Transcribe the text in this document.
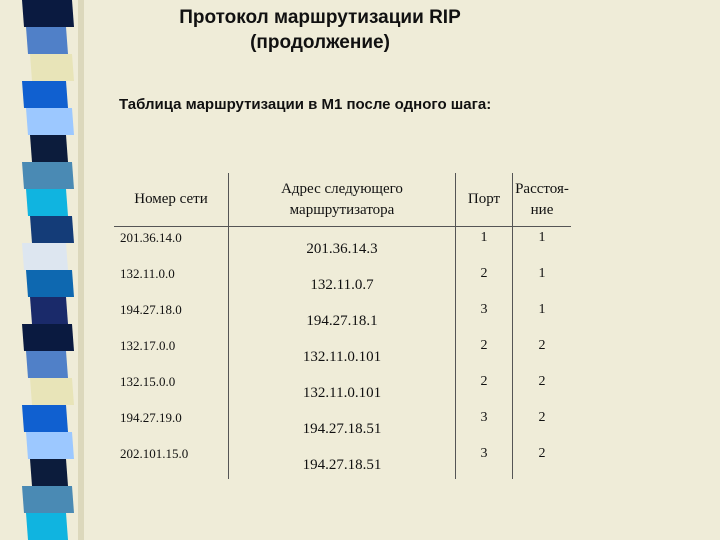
Протокол маршрутизации RIP (продолжение)
Таблица маршрутизации в М1 после одного шага:
Номер сети	Адрес следующего маршрутизатора	Порт	Расстоя-ние
201.36.14.0	201.36.14.3	1	1
132.11.0.0	132.11.0.7	2	1
194.27.18.0	194.27.18.1	3	1
132.17.0.0	132.11.0.101	2	2
132.15.0.0	132.11.0.101	2	2
194.27.19.0	194.27.18.51	3	2
202.101.15.0	194.27.18.51	3	2
